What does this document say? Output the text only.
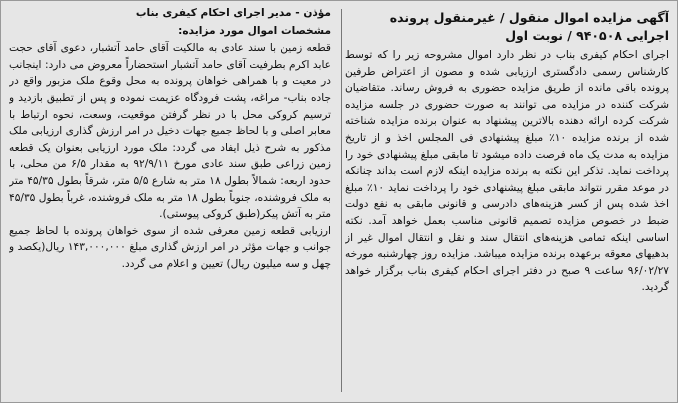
آگهی مزایده اموال منقول / غیرمنقول پرونده اجرایی ۹۴۰۵۰۸ / نوبت اول

اجرای احکام کیفری بناب در نظر دارد اموال مشروحه زیر را که توسط کارشناس رسمی دادگستری ارزیابی شده و مصون از اعتراض طرفین پرونده باقی مانده از طریق مزایده حضوری به فروش رساند. متقاضیان شرکت کننده در مزایده می توانند به صورت حضوری در جلسه مزایده شرکت کرده ارائه دهنده بالاترین پیشنهاد به عنوان برنده مزایده شناخته شده از برنده مزایده ۱۰٪ مبلغ پیشنهادی فی المجلس اخذ و از تاریخ مزایده به مدت یک ماه فرصت داده میشود تا مابقی مبلغ پیشنهادی خود را پرداخت نماید. تذکر این نکته به برنده مزایده اینکه لازم است بداند چنانکه در موعد مقرر نتواند مابقی مبلغ پیشنهادی خود را پرداخت نماید ۱۰٪ مبلغ اخذ شده پس از کسر هزینه‌های دادرسی و قانونی مابقی به نفع دولت ضبط در خصوص مزایده تصمیم قانونی مناسب بعمل خواهد آمد. نکته اساسی اینکه تمامی هزینه‌های انتقال سند و نقل و انتقال اموال غیر از بدهیهای معوقه برعهده برنده مزایده میباشد. مزایده روز چهارشنبه مورخه ۹۶/۰۲/۲۷ ساعت ۹ صبح در دفتر اجرای احکام کیفری بناب برگزار خواهد گردید.

مؤذن - مدیر اجرای احکام کیفری بناب
مشخصات اموال مورد مزایده:

قطعه زمین با سند عادی به مالکیت آقای حامد آتشبار، دعوی آقای حجت عابد اکرم بطرفیت آقای حامد آتشبار استحضاراً معروض می دارد: اینجانب در معیت و با همراهی خواهان پرونده به محل وقوع ملک مزبور واقع در جاده بناب- مراغه، پشت فرودگاه عزیمت نموده و پس از تطبیق بازدید و ترسیم کروکی محل با در نظر گرفتن موقعیت، وسعت، نحوه ارتباط با معابر اصلی و با لحاظ جمیع جهات دخیل در امر ارزش گذاری ارزیابی ملک مذکور به شرح ذیل ایفاد می گردد: ملک مورد ارزیابی بعنوان یک قطعه زمین زراعی طبق سند عادی مورخ ۹۲/۹/۱۱ به مقدار ۶/۵ من محلی، با حدود اربعه: شمالاً بطول ۱۸ متر به شارع ۵/۵ متر، شرقاً بطول ۴۵/۳۵ متر به ملک فروشنده، جنوباً بطول ۱۸ متر به ملک فروشنده، غرباً بطول ۴۵/۳۵ متر به آتش پیکر(طبق کروکی پیوستی).

ارزیابی قطعه زمین معرفی شده از سوی خواهان پرونده با لحاظ جمیع جوانب و جهات مؤثر در امر ارزش گذاری مبلغ ۱۴۳,۰۰۰,۰۰۰ ریال(یکصد و چهل و سه میلیون ریال) تعیین و اعلام می گردد.
